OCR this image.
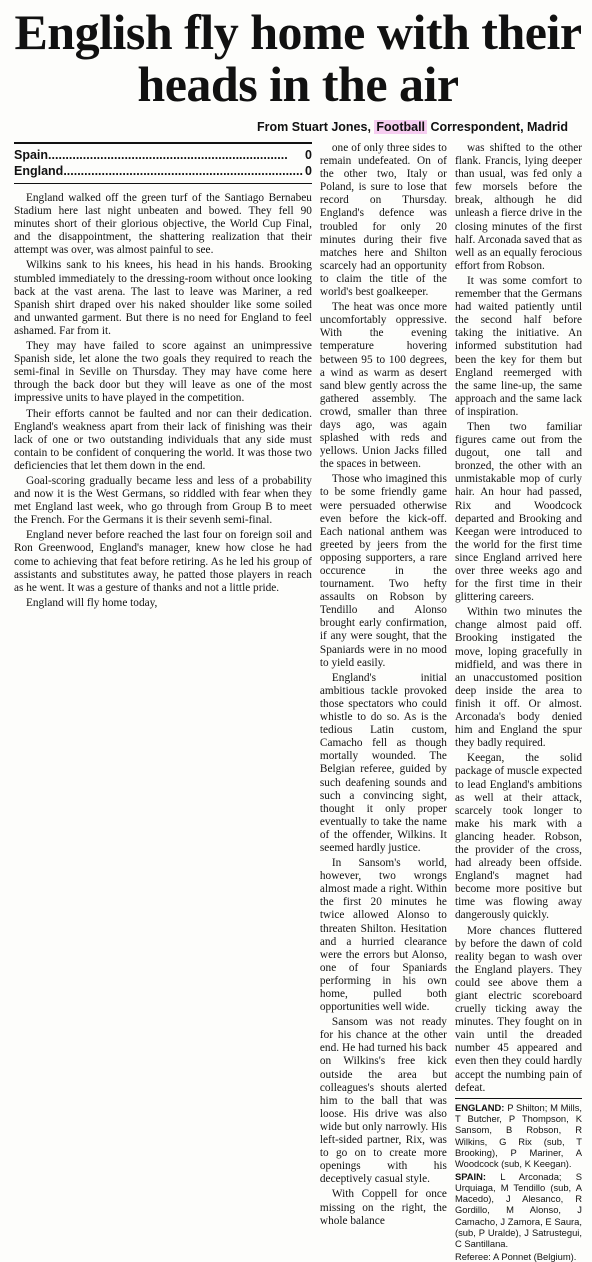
English fly home with their heads in the air
From Stuart Jones, Football Correspondent, Madrid
Spain .....	0
England .....	0

England walked off the green turf of the Santiago Bernabeu Stadium here last night unbeaten and bowed. They fell 90 minutes short of their glorious objective, the World Cup Final, and the disappointment, the shattering realization that their attempt was over, was almost painful to see.

Wilkins sank to his knees, his head in his hands. Brooking stumbled immediately to the dressing-room without once looking back at the vast arena. The last to leave was Mariner, a red Spanish shirt draped over his naked shoulder like some soiled and unwanted garment. But there is no need for England to feel ashamed. Far from it.

They may have failed to score against an unimpressive Spanish side, let alone the two goals they required to reach the semi-final in Seville on Thursday. They may have come here through the back door but they will leave as one of the most impressive units to have played in the competition.

Their efforts cannot be faulted and nor can their dedication. England's weakness apart from their lack of finishing was their lack of one or two outstanding individuals that any side must contain to be confident of conquering the world. It was those two deficiencies that let them down in the end.

Goal-scoring gradually became less and less of a probability and now it is the West Germans, so riddled with fear when they met England last week, who go through from Group B to meet the French. For the Germans it is their sevenh semi-final.

England never before reached the last four on foreign soil and Ron Greenwood, England's manager, knew how close he had come to achieving that feat before retiring. As he led his group of assistants and substitutes away, he patted those players in reach as he went. It was a gesture of thanks and not a little pride.

England will fly home today,

one of only three sides to remain undefeated. On of the other two, Italy or Poland, is sure to lose that record on Thursday. England's defence was troubled for only 20 minutes during their five matches here and Shilton scarcely had an opportunity to claim the title of the world's best goalkeeper.

The heat was once more uncomfortably oppressive. With the evening temperature hovering between 95 to 100 degrees, a wind as warm as desert sand blew gently across the gathered assembly. The crowd, smaller than three days ago, was again splashed with reds and yellows. Union Jacks filled the spaces in between.

Those who imagined this to be some friendly game were persuaded otherwise even before the kick-off. Each national anthem was greeted by jeers from the opposing supporters, a rare occurence in the tournament. Two hefty assaults on Robson by Tendillo and Alonso brought early confirmation, if any were sought, that the Spaniards were in no mood to yield easily.

England's initial ambitious tackle provoked those spectators who could whistle to do so. As is the tedious Latin custom, Camacho fell as though mortally wounded. The Belgian referee, guided by such deafening sounds and such a convincing sight, thought it only proper eventually to take the name of the offender, Wilkins. It seemed hardly justice.

In Sansom's world, however, two wrongs almost made a right. Within the first 20 minutes he twice allowed Alonso to threaten Shilton. Hesitation and a hurried clearance were the errors but Alonso, one of four Spaniards performing in his own home, pulled both opportunities well wide.

Sansom was not ready for his chance at the other end. He had turned his back on Wilkins's free kick outside the area but colleagues's shouts alerted him to the ball that was loose. His drive was also wide but only narrowly. His left-sided partner, Rix, was to go on to create more openings with his deceptively casual style.

With Coppell for once missing on the right, the whole balance

was shifted to the other flank. Francis, lying deeper than usual, was fed only a few morsels before the break, although he did unleash a fierce drive in the closing minutes of the first half. Arconada saved that as well as an equally ferocious effort from Robson.

It was some comfort to remember that the Germans had waited patiently until the second half before taking the initiative. An informed substitution had been the key for them but England reemerged with the same line-up, the same approach and the same lack of inspiration.

Then two familiar figures came out from the dugout, one tall and bronzed, the other with an unmistakable mop of curly hair. An hour had passed, Rix and Woodcock departed and Brooking and Keegan were introduced to the world for the first time since England arrived here over three weeks ago and for the first time in their glittering careers.

Within two minutes the change almost paid off. Brooking instigated the move, loping gracefully in midfield, and was there in an unaccustomed position deep inside the area to finish it off. Or almost. Arconada's body denied him and England the spur they badly required.

Keegan, the solid package of muscle expected to lead England's ambitions as well at their attack, scarcely took longer to make his mark with a glancing header. Robson, the provider of the cross, had already been offside. England's magnet had become more positive but time was flowing away dangerously quickly.

More chances fluttered by before the dawn of cold reality began to wash over the England players. They could see above them a giant electric scoreboard cruelly ticking away the minutes. They fought on in vain until the dreaded number 45 appeared and even then they could hardly accept the numbing pain of defeat.

ENGLAND: P Shilton; M Mills, T Butcher, P Thompson, K Sansom, B Robson, R Wilkins, G Rix (sub, T Brooking), P Mariner, A Woodcock (sub, K Keegan).

SPAIN: L Arconada; S Urquiaga, M Tendillo (sub, A Macedo), J Alesanco, R Gordillo, M Alonso, J Camacho, J Zamora, E Saura, (sub, P Uralde), J Satrustegui, C Santillana.

Referee: A Ponnet (Belgium).
